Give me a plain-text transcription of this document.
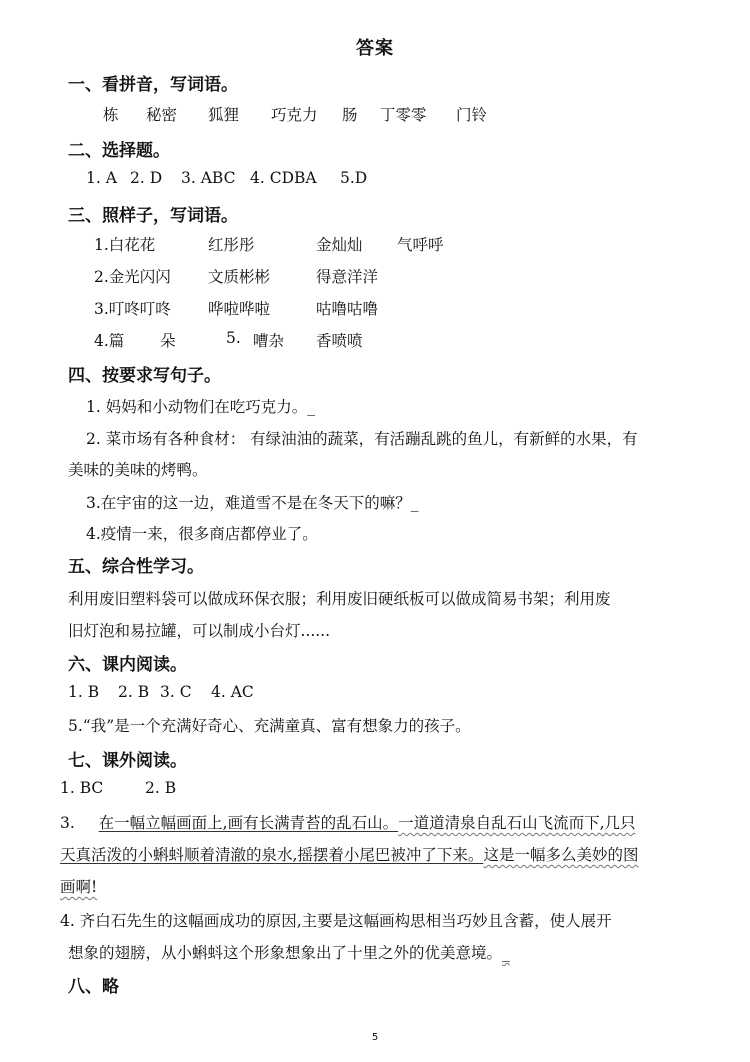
答案
一、看拼音，写词语。
栋 秘密 狐狸 巧克力 肠 丁零零 门铃
二、选择题。
1. A 2. D 3. ABC 4. CDBA 5.D
三、照样子，写词语。
1.白花花	红彤彤	金灿灿 气呼呼
2.金光闪闪 文质彬彬	得意洋洋
3.叮咚叮咚 哗啦哗啦	咕噜咕噜
4.篇 朵	5. 嘈杂 香喷喷
四、按要求写句子。
1. 妈妈和小动物们在吃巧克力。_
2. 菜市场有各种食材： 有绿油油的蔬菜，有活蹦乱跳的鱼儿，有新鲜的水果，有
美味的美味的烤鸭。
3.在宇宙的这一边，难道雪不是在冬天下的嘛？_
4.疫情一来，很多商店都停业了。
五、综合性学习。
利用废旧塑料袋可以做成环保衣服；利用废旧硬纸板可以做成简易书架；利用废
旧灯泡和易拉罐，可以制成小台灯......
六、课内阅读。
1. B 2. B 3. C 4. AC
5.“我”是一个充满好奇心、充满童真、富有想象力的孩子。
七、课外阅读。
1. BC	2. B
3. 在一幅立幅画面上,画有长满青苔的乱石山。一道道清泉自乱石山飞流而下,几只
天真活泼的小蝌蚪顺着清澈的泉水,摇摆着小尾巴被冲了下来。这是一幅多么美妙的图
画啊!
4. 齐白石先生的这幅画成功的原因,主要是这幅画构思相当巧妙且含蓄，使人展开
想象的翅膀，从小蝌蚪这个形象想象出了十里之外的优美意境。_
八、略
5
